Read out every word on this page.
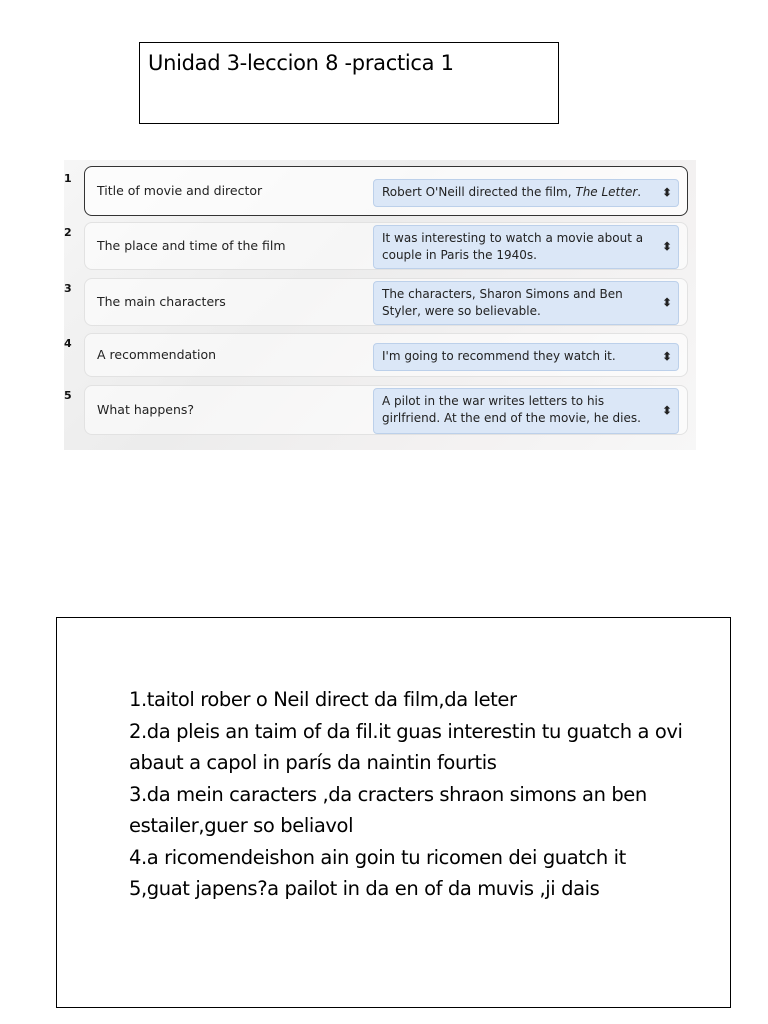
Unidad 3-leccion 8 -practica 1
1
Title of movie and director	Robert O'Neill directed the film, The Letter. ⬍
2
The place and time of the film	It was interesting to watch a movie about a
couple in Paris the 1940s.
⬍
3
The main characters	The characters, Sharon Simons and Ben
Styler, were so believable.
⬍
4
A recommendation	I'm going to recommend they watch it.	⬍
5
What happens?
A pilot in the war writes letters to his
girlfriend. At the end of the movie, he dies.
⬍
1.taitol rober o Neil direct da film,da leter
2.da pleis an taim of da fil.it guas interestin tu guatch a ovi
abaut a capol in parís da naintin fourtis
3.da mein caracters ,da cracters shraon simons an ben
estailer,guer so beliavol
4.a ricomendeishon ain goin tu ricomen dei guatch it
5,guat japens?a pailot in da en of da muvis ,ji dais
